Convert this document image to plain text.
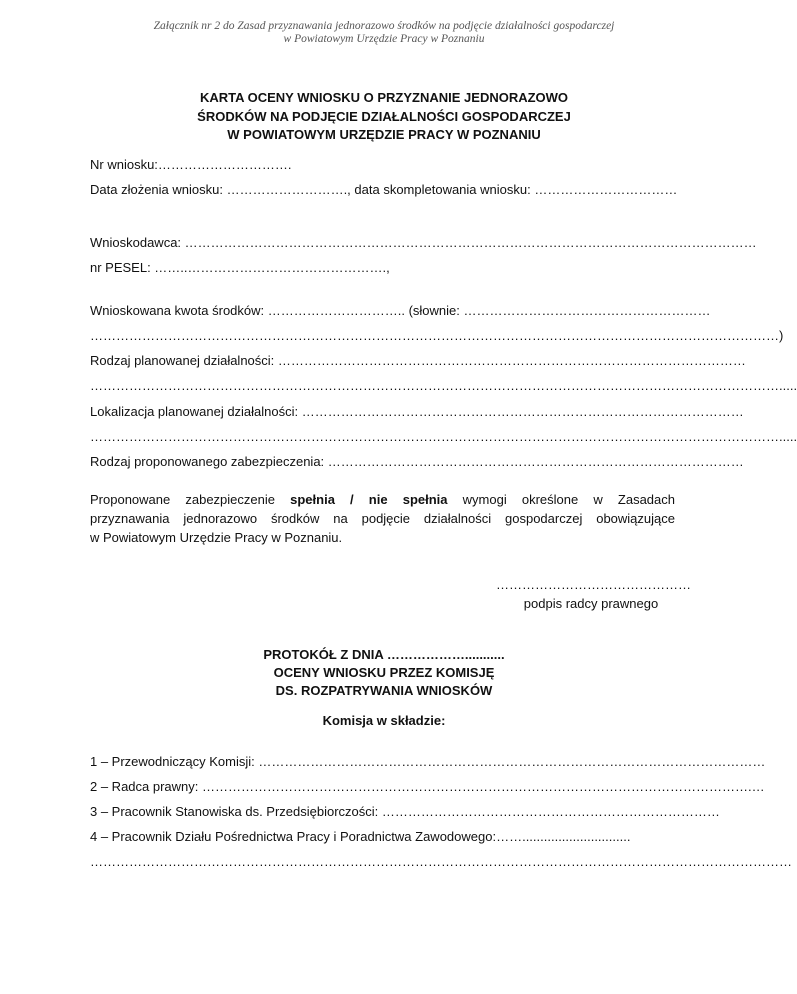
Załącznik nr 2 do Zasad przyznawania jednorazowo środków na podjęcie działalności gospodarczej
w Powiatowym Urzędzie Pracy w Poznaniu
KARTA OCENY WNIOSKU O PRZYZNANIE JEDNORAZOWO
ŚRODKÓW NA PODJĘCIE DZIAŁALNOŚCI GOSPODARCZEJ
W POWIATOWYM URZĘDZIE PRACY W POZNANIU
Nr wniosku:………………………….
Data złożenia wniosku: ………………………., data skompletowania wniosku: ……………………………
Wnioskodawca: ……………………………………………………………………………………………………………………
nr PESEL: ……..……………………………………….,
Wnioskowana kwota środków: ………………………….. (słownie: …………………………………………………
……………………………………………………………………………………………………………………………………………)
Rodzaj planowanej działalności: ………………………………………………………………………………………………
…………………………………………………………………………………………………………………………………………….....
Lokalizacja planowanej działalności: …………………………………………………………………………………………
…………………………………………………………………………………………………………………………………………….....
Rodzaj proponowanego zabezpieczenia: ……………………………………………………………………………………
Proponowane zabezpieczenie spełnia / nie spełnia wymogi określone w Zasadach
przyznawania jednorazowo środków na podjęcie działalności gospodarczej obowiązujące
w Powiatowym Urzędzie Pracy w Poznaniu.
………………………………………
podpis radcy prawnego
PROTOKÓŁ Z DNIA ………………...........
OCENY WNIOSKU PRZEZ KOMISJĘ
DS. ROZPATRYWANIA WNIOSKÓW
Komisja w składzie:
1 – Przewodniczący Komisji: ………………………………………………………………………………………………………
2 – Radca prawny: ……………………………………………………………………………………………………………….…
3 – Pracownik Stanowiska ds. Przedsiębiorczości: ……………………………………………………………………
4 – Pracownik Działu Pośrednictwa Pracy i Poradnictwa Zawodowego:……..............................
………………………………………………………………………………………………………………………………………………
